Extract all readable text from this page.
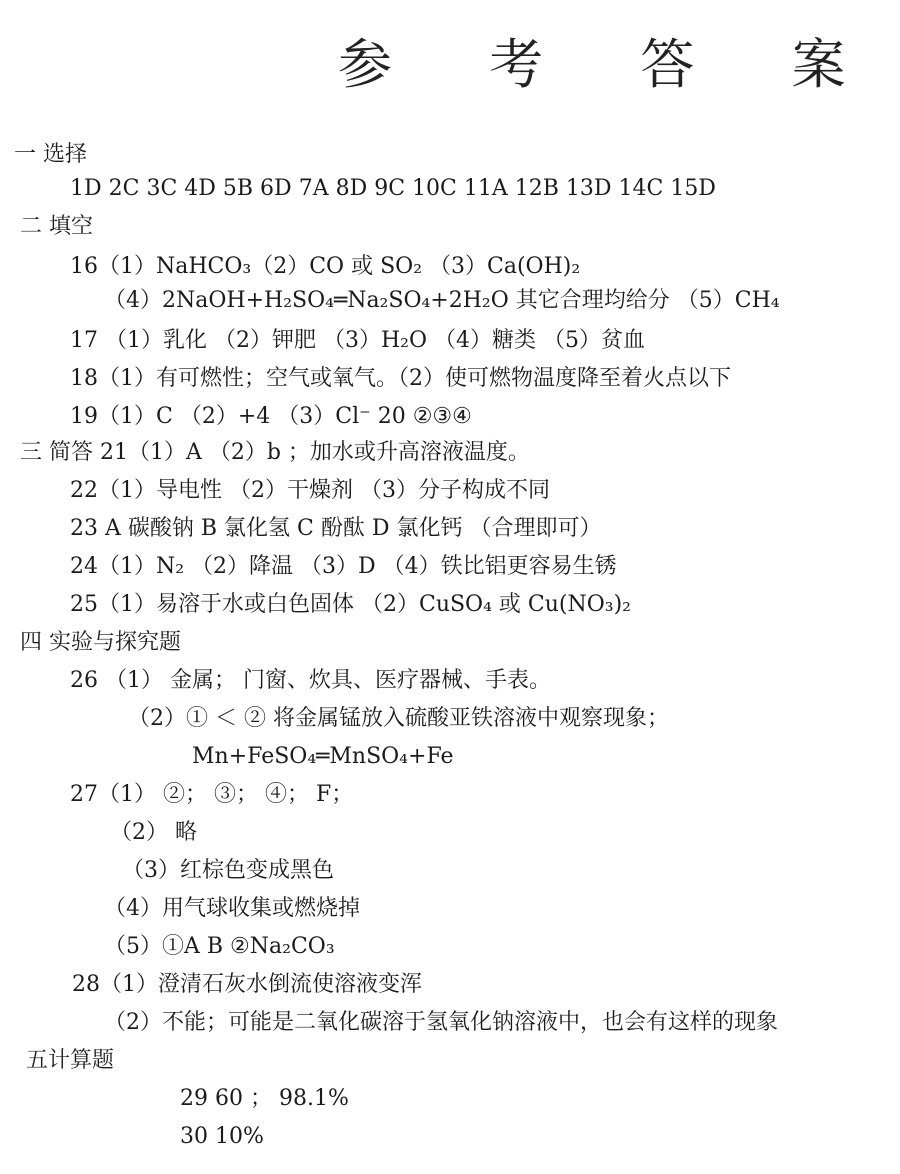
参 考 答 案
一 选择
1D 2C 3C 4D 5B 6D 7A 8D 9C 10C 11A 12B 13D 14C 15D
二 填空
16（1）NaHCO₃（2）CO 或 SO₂ （3）Ca(OH)₂
（4）2NaOH+H₂SO₄═Na₂SO₄+2H₂O 其它合理均给分 （5）CH₄
17 （1）乳化 （2）钾肥 （3）H₂O （4）糖类 （5）贫血
18（1）有可燃性；空气或氧气。（2）使可燃物温度降至着火点以下
19（1）C （2）+4 （3）Cl⁻ 20 ②③④
三 简答 21（1）A （2）b ；加水或升高溶液温度。
22（1）导电性 （2）干燥剂 （3）分子构成不同
23 A 碳酸钠 B 氯化氢 C 酚酞 D 氯化钙 （合理即可）
24（1）N₂ （2）降温 （3）D （4）铁比铝更容易生锈
25（1）易溶于水或白色固体 （2）CuSO₄ 或 Cu(NO₃)₂
四 实验与探究题
26 （1） 金属； 门窗、炊具、医疗器械、手表。
（2）① ＜ ② 将金属锰放入硫酸亚铁溶液中观察现象；
Mn+FeSO₄═MnSO₄+Fe
27（1） ②； ③； ④； F；
（2） 略
（3）红棕色变成黑色
（4）用气球收集或燃烧掉
（5）①A B ②Na₂CO₃
28（1）澄清石灰水倒流使溶液变浑
（2）不能；可能是二氧化碳溶于氢氧化钠溶液中，也会有这样的现象
五计算题
29 60 ； 98.1%
30 10%
